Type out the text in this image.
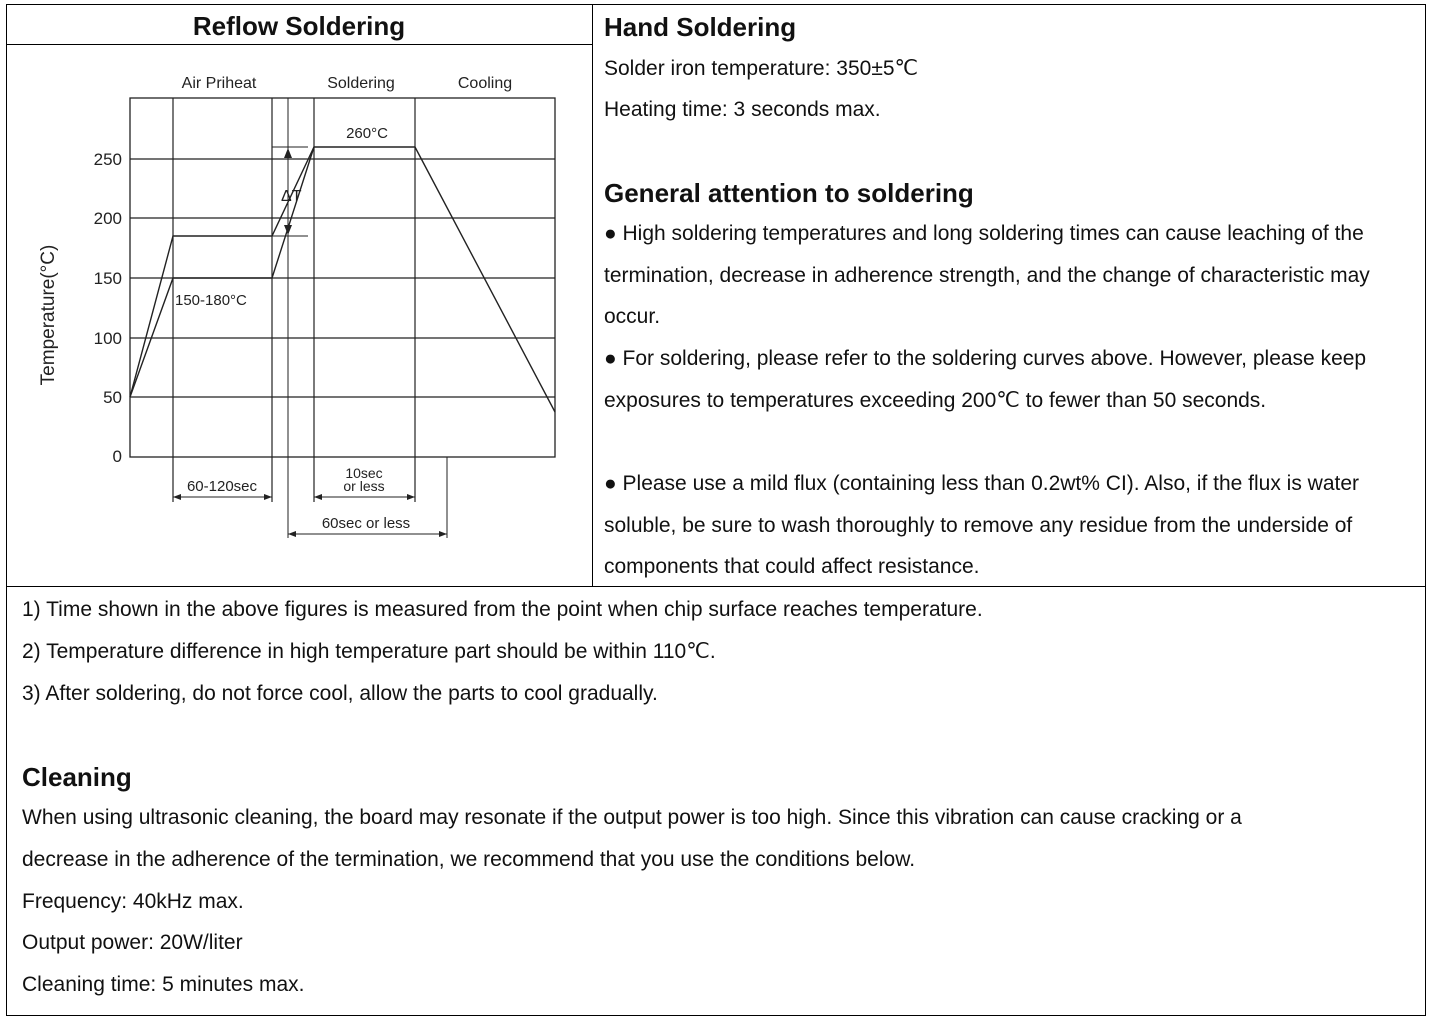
Reflow Soldering
250
200
150
100
50
0
Temperature(°C)
Air Priheat	Soldering	Cooling
260°C
150-180°C
ΔT
60-120sec
10sec
or less
60sec or less
Hand Soldering
Solder iron temperature: 350±5℃
Heating time: 3 seconds max.
General attention to soldering
● High soldering temperatures and long soldering times can cause leaching of the termination, decrease in adherence strength, and the change of characteristic may occur.
● For soldering, please refer to the soldering curves above. However, please keep exposures to temperatures exceeding 200℃ to fewer than 50 seconds.
● Please use a mild flux (containing less than 0.2wt% CI). Also, if the flux is water soluble, be sure to wash thoroughly to remove any residue from the underside of components that could affect resistance.
1) Time shown in the above figures is measured from the point when chip surface reaches temperature.
2) Temperature difference in high temperature part should be within 110℃.
3) After soldering, do not force cool, allow the parts to cool gradually.
Cleaning
When using ultrasonic cleaning, the board may resonate if the output power is too high. Since this vibration can cause cracking or a
decrease in the adherence of the termination, we recommend that you use the conditions below.
Frequency: 40kHz max.
Output power: 20W/liter
Cleaning time: 5 minutes max.
